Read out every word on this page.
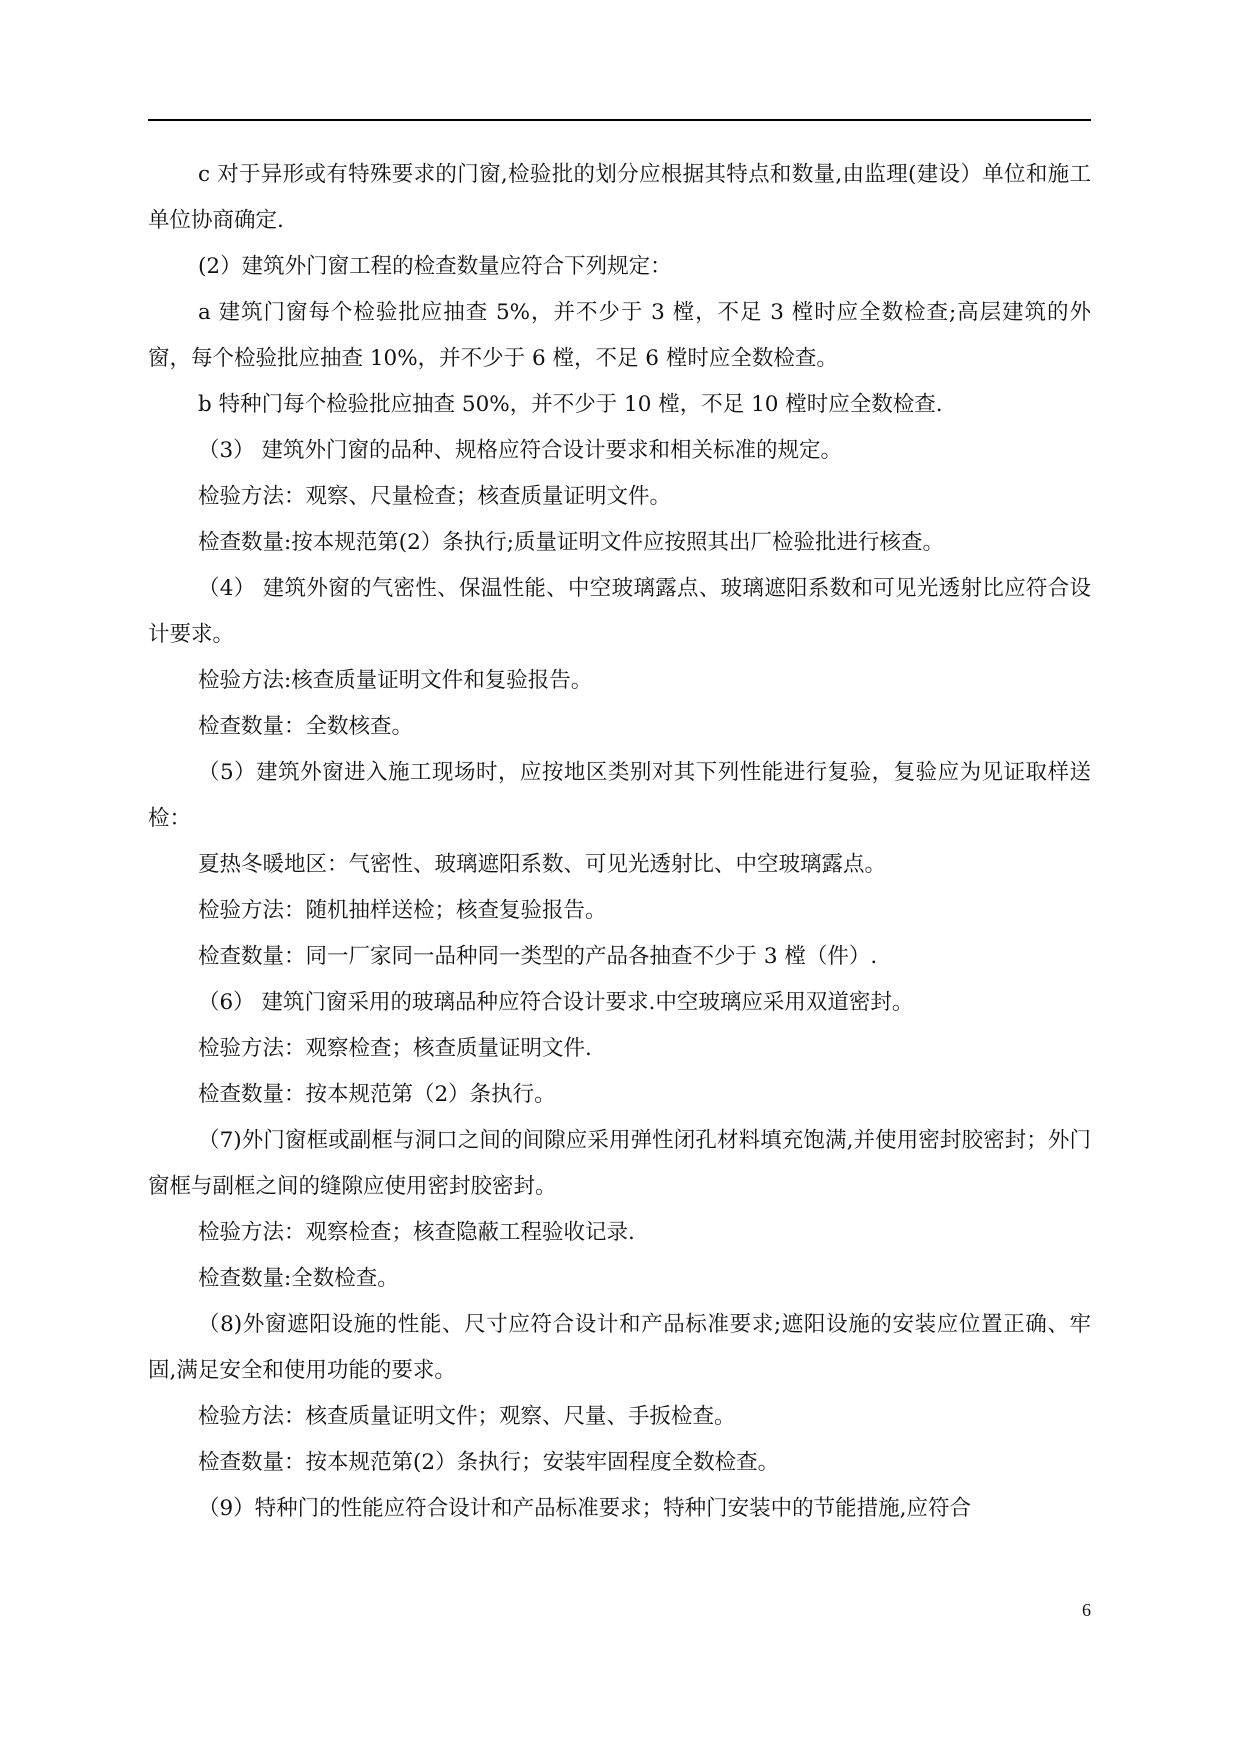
c 对于异形或有特殊要求的门窗,检验批的划分应根据其特点和数量,由监理(建设）单位和施工单位协商确定.

(2）建筑外门窗工程的检查数量应符合下列规定：

a 建筑门窗每个检验批应抽查 5%，并不少于 3 樘，不足 3 樘时应全数检查;高层建筑的外窗，每个检验批应抽查 10%，并不少于 6 樘，不足 6 樘时应全数检查。

b 特种门每个检验批应抽查 50%，并不少于 10 樘，不足 10 樘时应全数检查.

（3） 建筑外门窗的品种、规格应符合设计要求和相关标准的规定。

检验方法：观察、尺量检查；核查质量证明文件。

检查数量:按本规范第(2）条执行;质量证明文件应按照其出厂检验批进行核查。

（4） 建筑外窗的气密性、保温性能、中空玻璃露点、玻璃遮阳系数和可见光透射比应符合设计要求。

检验方法:核查质量证明文件和复验报告。

检查数量：全数核查。

（5）建筑外窗进入施工现场时，应按地区类别对其下列性能进行复验，复验应为见证取样送检：

夏热冬暖地区：气密性、玻璃遮阳系数、可见光透射比、中空玻璃露点。

检验方法：随机抽样送检；核查复验报告。

检查数量：同一厂家同一品种同一类型的产品各抽查不少于 3 樘（件）.

（6） 建筑门窗采用的玻璃品种应符合设计要求.中空玻璃应采用双道密封。

检验方法：观察检查；核查质量证明文件.

检查数量：按本规范第（2）条执行。

（7)外门窗框或副框与洞口之间的间隙应采用弹性闭孔材料填充饱满,并使用密封胶密封；外门窗框与副框之间的缝隙应使用密封胶密封。

检验方法：观察检查；核查隐蔽工程验收记录.

检查数量:全数检查。

（8)外窗遮阳设施的性能、尺寸应符合设计和产品标准要求;遮阳设施的安装应位置正确、牢固,满足安全和使用功能的要求。

检验方法：核查质量证明文件；观察、尺量、手扳检查。

检查数量：按本规范第(2）条执行；安装牢固程度全数检查。

（9）特种门的性能应符合设计和产品标准要求；特种门安装中的节能措施,应符合

6
